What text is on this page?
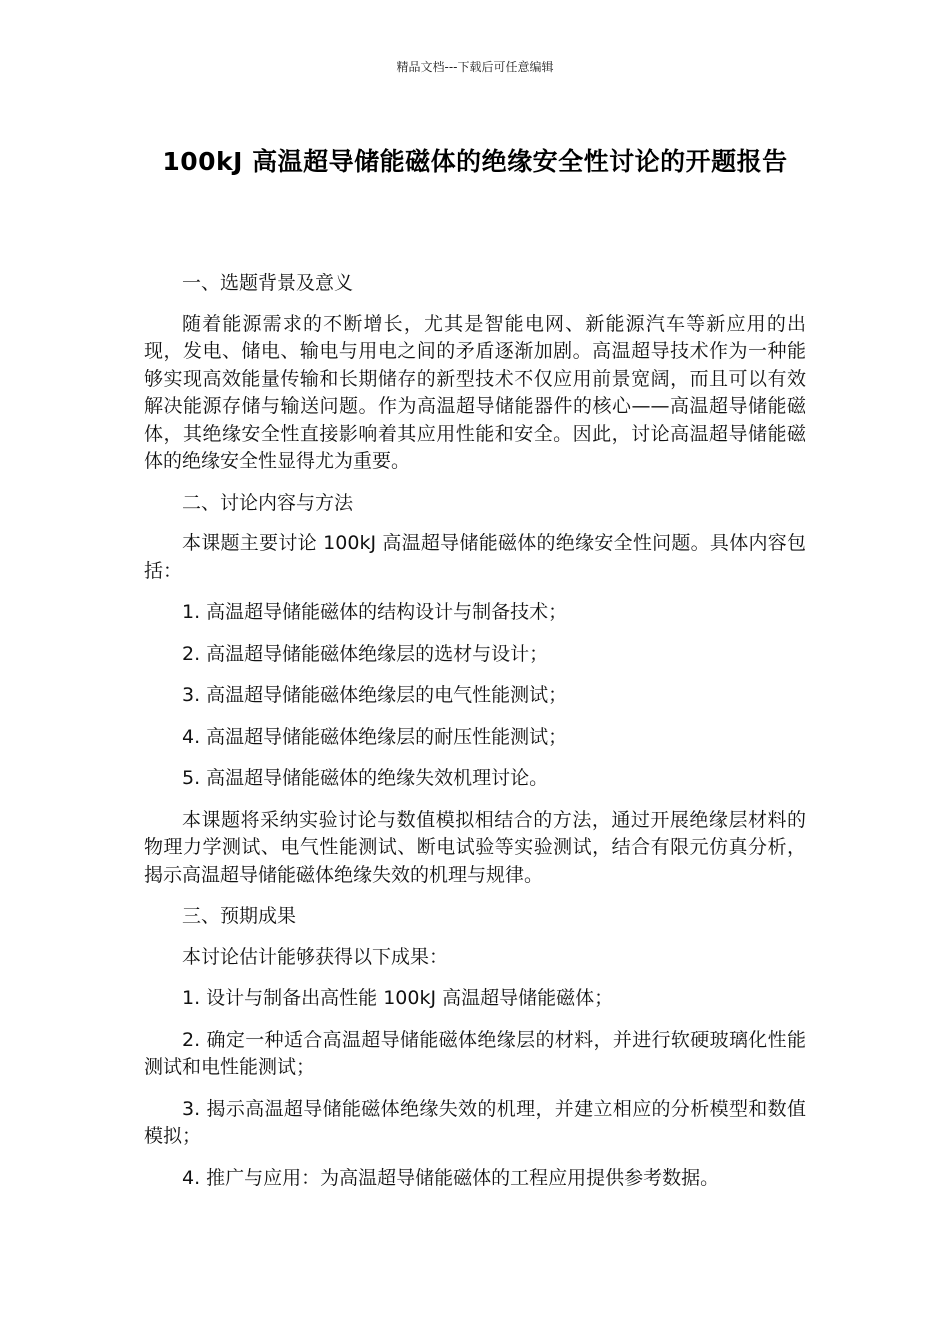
精品文档---下载后可任意编辑
100kJ 高温超导储能磁体的绝缘安全性讨论的开题报告

一、选题背景及意义

随着能源需求的不断增长，尤其是智能电网、新能源汽车等新应用的出现，发电、储电、输电与用电之间的矛盾逐渐加剧。高温超导技术作为一种能够实现高效能量传输和长期储存的新型技术不仅应用前景宽阔，而且可以有效解决能源存储与输送问题。作为高温超导储能器件的核心——高温超导储能磁体，其绝缘安全性直接影响着其应用性能和安全。因此，讨论高温超导储能磁体的绝缘安全性显得尤为重要。

二、讨论内容与方法

本课题主要讨论 100kJ 高温超导储能磁体的绝缘安全性问题。具体内容包括：

1. 高温超导储能磁体的结构设计与制备技术；

2. 高温超导储能磁体绝缘层的选材与设计；

3. 高温超导储能磁体绝缘层的电气性能测试；

4. 高温超导储能磁体绝缘层的耐压性能测试；

5. 高温超导储能磁体的绝缘失效机理讨论。

本课题将采纳实验讨论与数值模拟相结合的方法，通过开展绝缘层材料的物理力学测试、电气性能测试、断电试验等实验测试，结合有限元仿真分析，揭示高温超导储能磁体绝缘失效的机理与规律。

三、预期成果

本讨论估计能够获得以下成果：

1. 设计与制备出高性能 100kJ 高温超导储能磁体；

2. 确定一种适合高温超导储能磁体绝缘层的材料，并进行软硬玻璃化性能测试和电性能测试；

3. 揭示高温超导储能磁体绝缘失效的机理，并建立相应的分析模型和数值模拟；

4. 推广与应用：为高温超导储能磁体的工程应用提供参考数据。
